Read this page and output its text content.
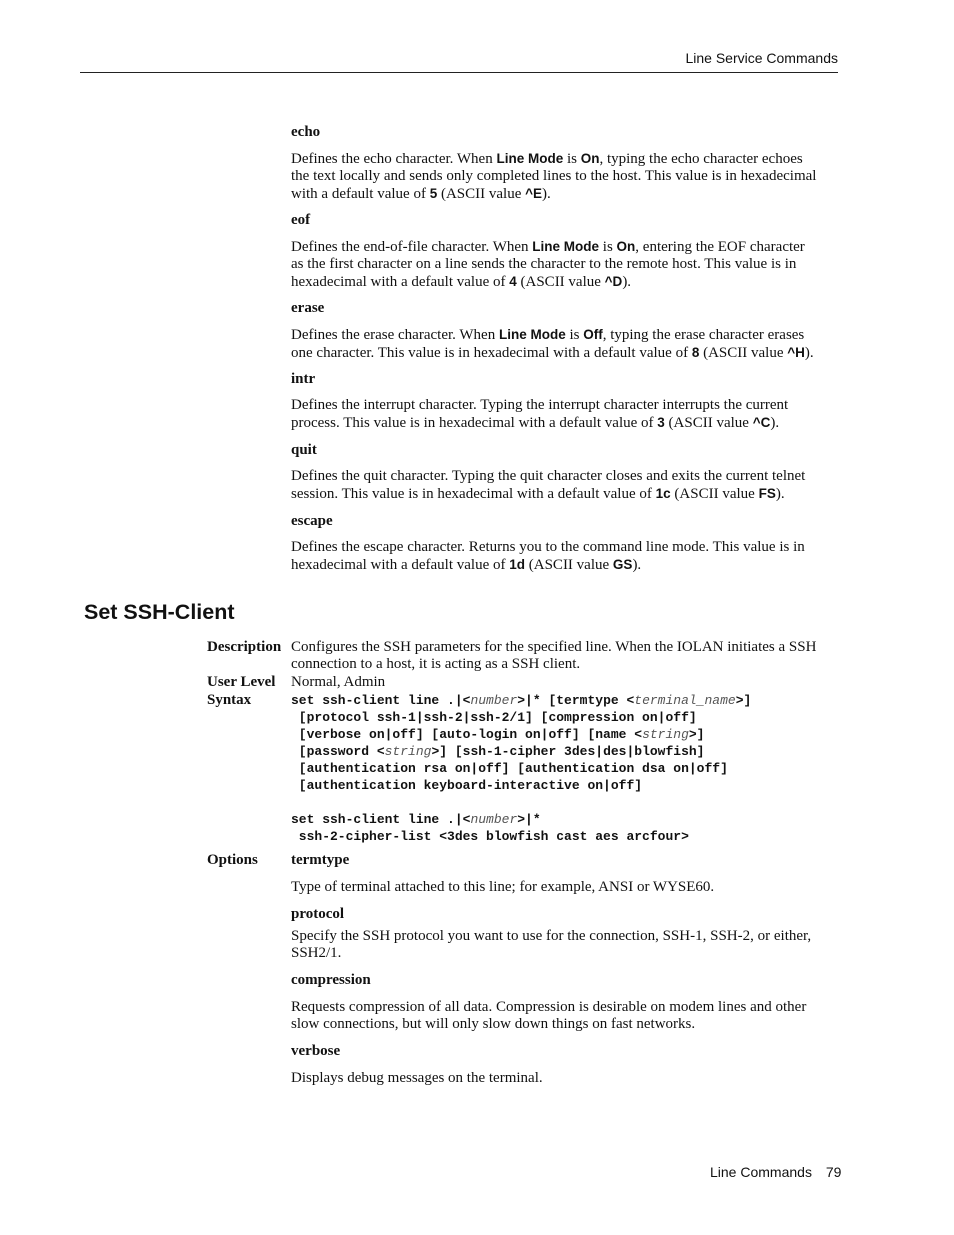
Line Service Commands
echo
Defines the echo character. When Line Mode is On, typing the echo character echoes
the text locally and sends only completed lines to the host. This value is in hexadecimal
with a default value of 5 (ASCII value ^E).
eof
Defines the end-of-file character. When Line Mode is On, entering the EOF character
as the first character on a line sends the character to the remote host. This value is in
hexadecimal with a default value of 4 (ASCII value ^D).
erase
Defines the erase character. When Line Mode is Off, typing the erase character erases
one character. This value is in hexadecimal with a default value of 8 (ASCII value ^H).
intr
Defines the interrupt character. Typing the interrupt character interrupts the current
process. This value is in hexadecimal with a default value of 3 (ASCII value ^C).
quit
Defines the quit character. Typing the quit character closes and exits the current telnet
session. This value is in hexadecimal with a default value of 1c (ASCII value FS).
escape
Defines the escape character. Returns you to the command line mode. This value is in
hexadecimal with a default value of 1d (ASCII value GS).
Set SSH-Client
Description Configures the SSH parameters for the specified line. When the IOLAN initiates a SSH
connection to a host, it is acting as a SSH client.
User Level Normal, Admin
Syntax	set ssh-client line .|<number>|* [termtype <terminal_name>]
[protocol ssh-1|ssh-2|ssh-2/1] [compression on|off]
[verbose on|off] [auto-login on|off] [name <string>]
[password <string>] [ssh-1-cipher 3des|des|blowfish]
[authentication rsa on|off] [authentication dsa on|off]
[authentication keyboard-interactive on|off]

set ssh-client line .|<number>|*
ssh-2-cipher-list <3des blowfish cast aes arcfour>
Options termtype
Type of terminal attached to this line; for example, ANSI or WYSE60.
protocol
Specify the SSH protocol you want to use for the connection, SSH-1, SSH-2, or either,
SSH2/1.
compression
Requests compression of all data. Compression is desirable on modem lines and other
slow connections, but will only slow down things on fast networks.
verbose
Displays debug messages on the terminal.
Line Commands 79
